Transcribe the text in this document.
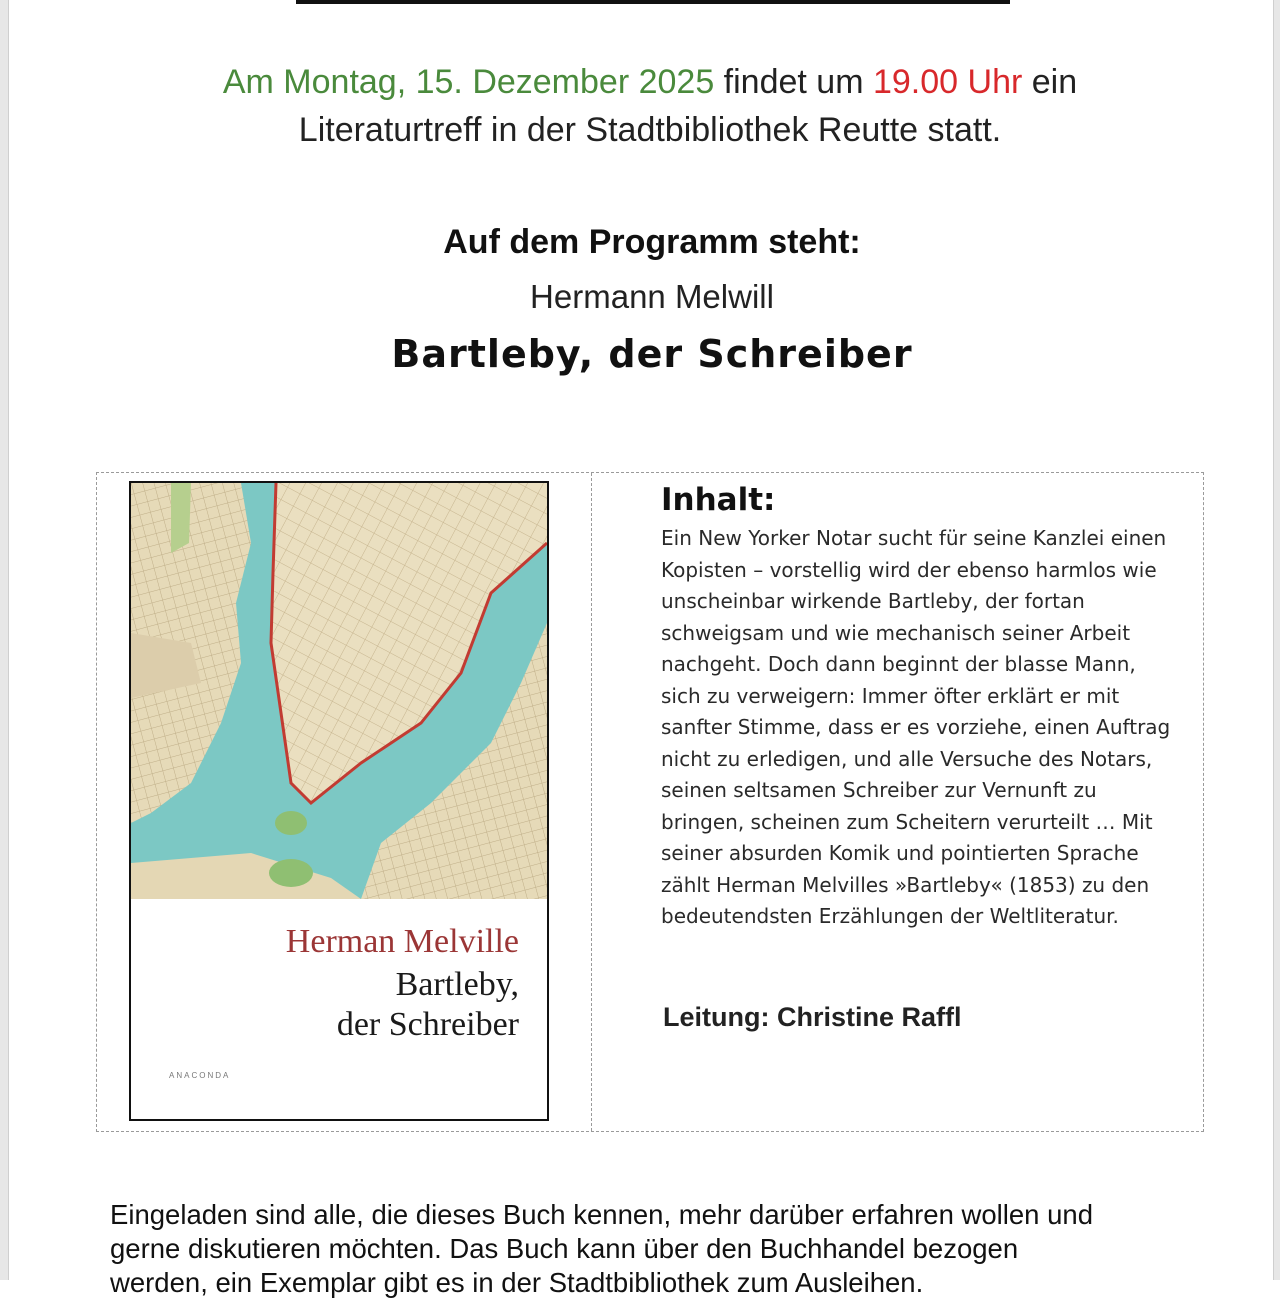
Am Montag, 15. Dezember 2025 findet um 19.00 Uhr ein
Literaturtreff in der Stadtbibliothek Reutte statt.
Auf dem Programm steht:
Hermann Melwill
Bartleby, der Schreiber
Herman Melville
Bartleby,
der Schreiber
ANACONDA
Inhalt:
Ein New Yorker Notar sucht für seine Kanzlei einen
Kopisten – vorstellig wird der ebenso harmlos wie
unscheinbar wirkende Bartleby, der fortan
schweigsam und wie mechanisch seiner Arbeit
nachgeht. Doch dann beginnt der blasse Mann,
sich zu verweigern: Immer öfter erklärt er mit
sanfter Stimme, dass er es vorziehe, einen Auftrag
nicht zu erledigen, und alle Versuche des Notars,
seinen seltsamen Schreiber zur Vernunft zu
bringen, scheinen zum Scheitern verurteilt … Mit
seiner absurden Komik und pointierten Sprache
zählt Herman Melvilles »Bartleby« (1853) zu den
bedeutendsten Erzählungen der Weltliteratur.
Leitung: Christine Raffl
Eingeladen sind alle, die dieses Buch kennen, mehr darüber erfahren wollen und
gerne diskutieren möchten. Das Buch kann über den Buchhandel bezogen
werden, ein Exemplar gibt es in der Stadtbibliothek zum Ausleihen.
